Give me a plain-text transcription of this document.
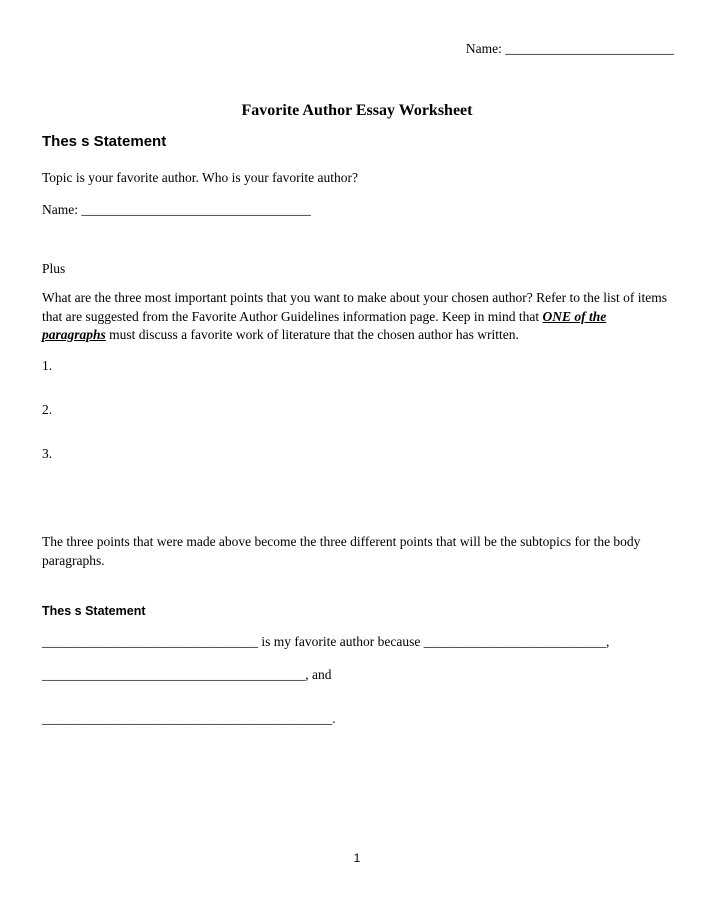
Name: _________________________
Favorite Author Essay Worksheet
Thes s Statement
Topic is your favorite author. Who is your favorite author?
Name: __________________________________
Plus

What are the three most important points that you want to make about your chosen author? Refer to the list of items that are suggested from the Favorite Author Guidelines information page. Keep in mind that ONE of the paragraphs must discuss a favorite work of literature that the chosen author has written.

1.
2.
3.

The three points that were made above become the three different points that will be the subtopics for the body paragraphs.

Thes s Statement
________________________________ is my favorite author because ___________________________,
_______________________________________, and
___________________________________________.
1
